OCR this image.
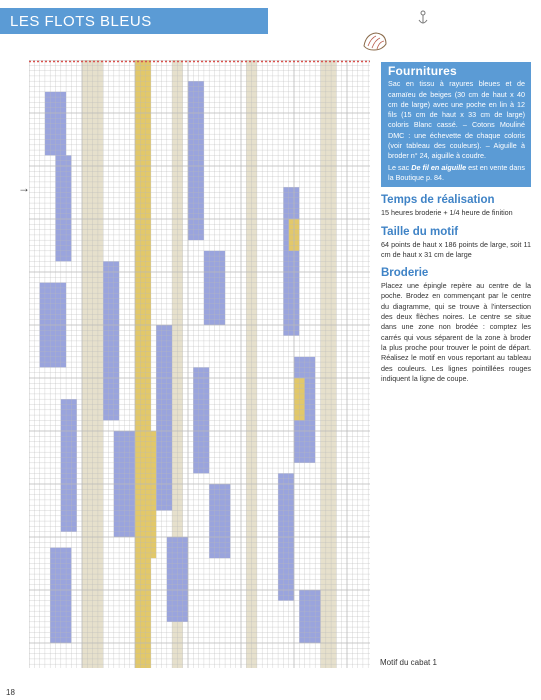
LES FLOTS BLEUS
→
Fournitures

Sac en tissu à rayures bleues et de camaïeu de beiges (30 cm de haut x 40 cm de large) avec une poche en lin à 12 fils (15 cm de haut x 33 cm de large) coloris Blanc cassé. – Cotons Mouliné DMC : une échevette de chaque coloris (voir tableau des couleurs). – Aiguille à broder n° 24, aiguille à coudre.

Le sac De fil en aiguille est en vente dans la Boutique p. 84.

Temps de réalisation

15 heures broderie + 1/4 heure de finition

Taille du motif

64 points de haut x 186 points de large, soit 11 cm de haut x 31 cm de large

Broderie

Placez une épingle repère au centre de la poche. Brodez en commençant par le centre du diagramme, qui se trouve à l'intersection des deux flèches noires. Le centre se situe dans une zone non brodée : comptez les carrés qui vous séparent de la zone à broder la plus proche pour trouver le point de départ. Réalisez le motif en vous reportant au tableau des couleurs. Les lignes pointillées rouges indiquent la ligne de coupe.

Motif du cabat 1
18
